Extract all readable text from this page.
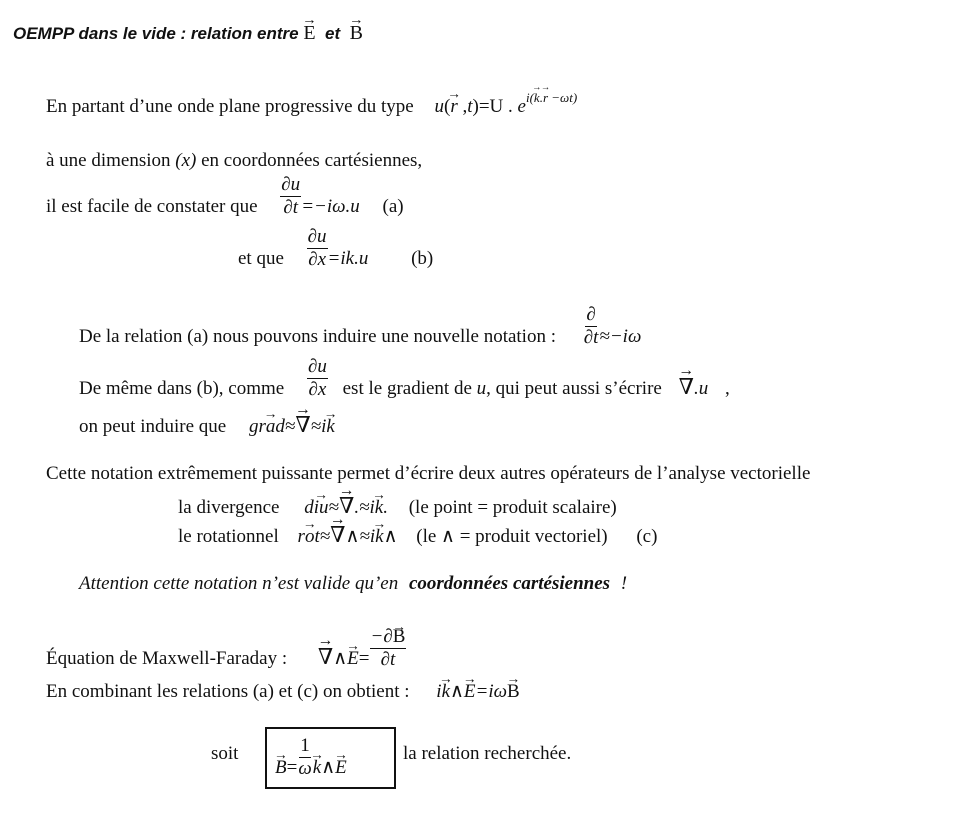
OEMPP dans le vide : relation entre → E et → B
En partant d’une onde plane progressive du type u(→ r ,t)=U . $e^{i(\to k.\to r -\omega t)}$
à une dimension (x) en coordonnées cartésiennes,
il est facile de constater que $\frac{\partial u}{\partial t} =-i\omega.u$ (a)
et que $\frac{\partial u}{\partial x} =ik.u$ (b)
De la relation (a) nous pouvons induire une nouvelle notation : $\frac{\partial}{\partial t} \approx-i\omega$
De même dans (b), comme $\frac{\partial u}{\partial x}$ est le gradient de u, qui peut aussi s’écrire → ∇.u ,
on peut induire que gr→ ad≈→ ∇≈i→ k
Cette notation extrêmement puissante permet d’écrire deux autres opérateurs de l’analyse vectorielle
la divergence d→ iu≈→ ∇.≈i→ k. (le point = produit scalaire)
le rotationnel r→ ot≈→ ∇∧≈i→ k∧ (le ∧ = produit vectoriel) (c)
Attention cette notation n’est valide qu’en coordonnées cartésiennes !
Équation de Maxwell-Faraday : → ∇∧→ $E= \frac{-\partial\to B}{\partial t}$
En combinant les relations (a) et (c) on obtient : i→ k∧→ E=iω→ B
soit
→ $B= \frac{1}{\omega}$ → k∧→ E
la relation recherchée.
